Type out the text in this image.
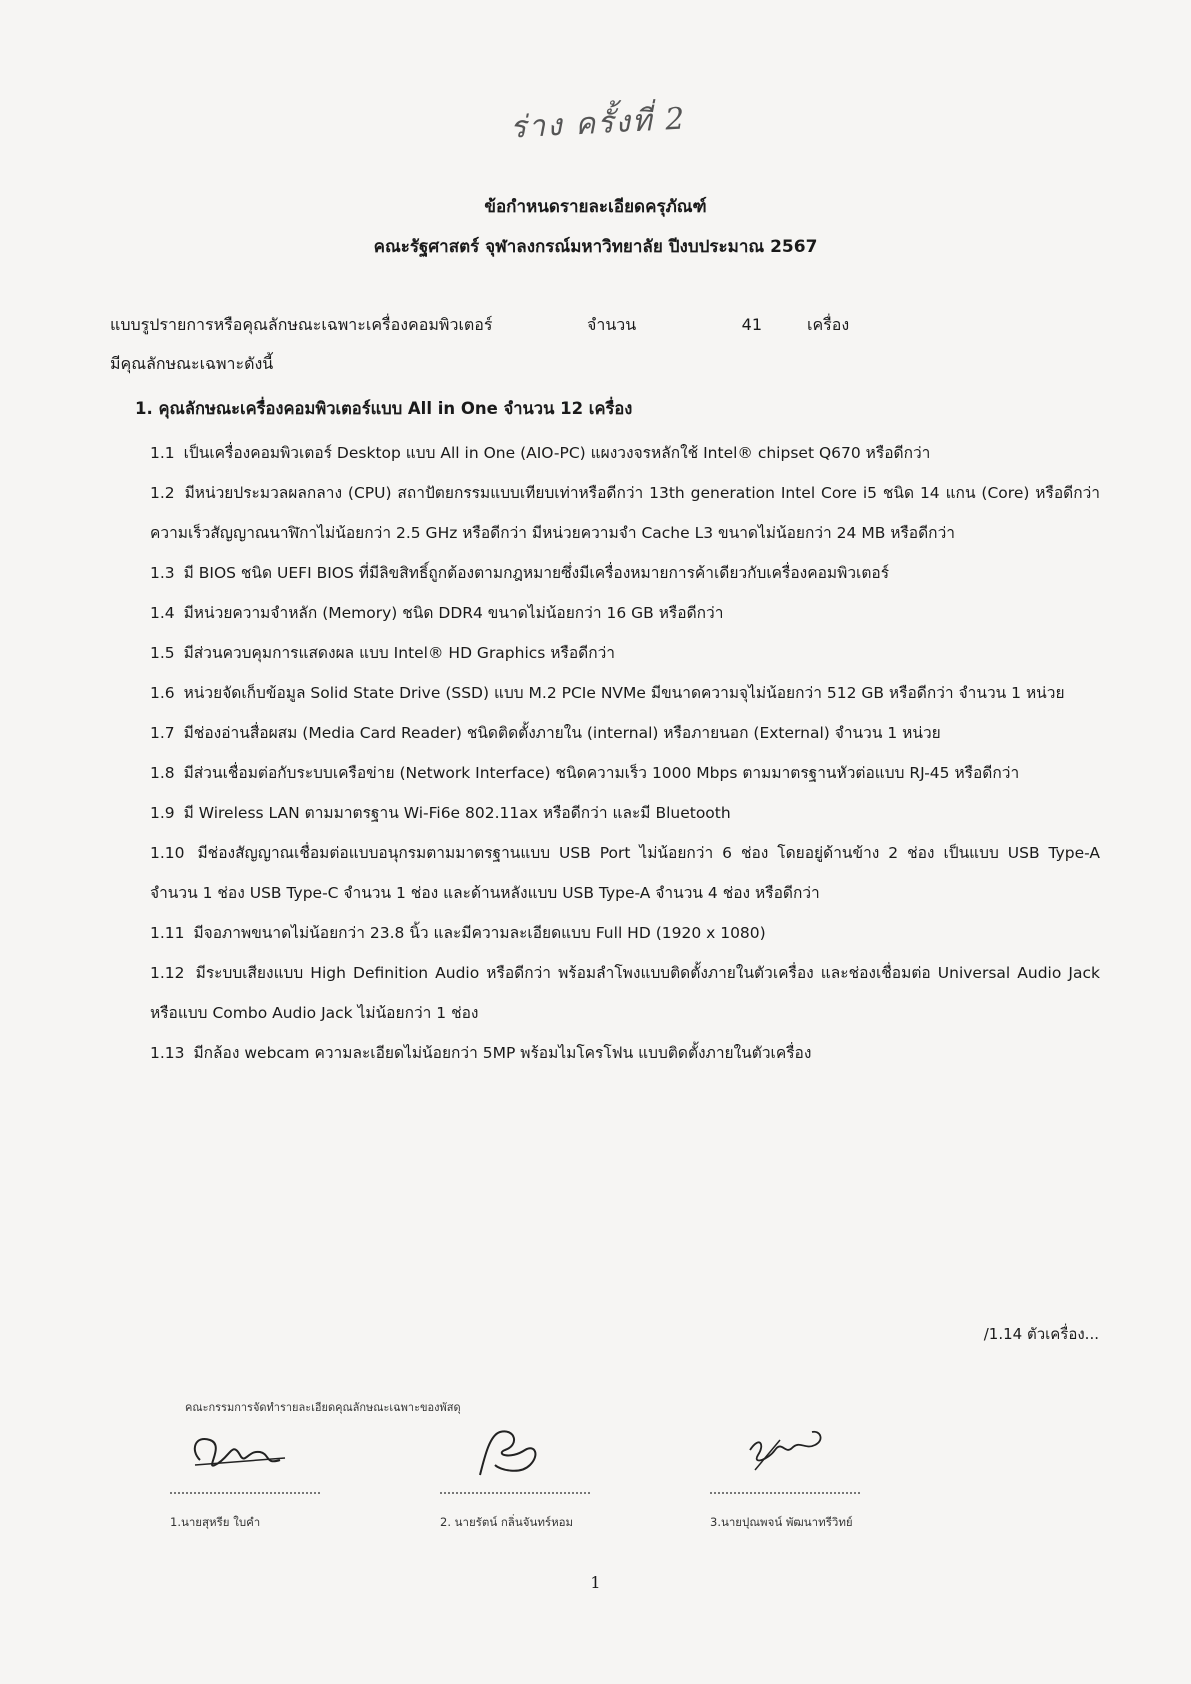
ร่าง ครั้งที่ 2
ข้อกำหนดรายละเอียดครุภัณฑ์
คณะรัฐศาสตร์ จุฬาลงกรณ์มหาวิทยาลัย ปีงบประมาณ 2567
แบบรูปรายการหรือคุณลักษณะเฉพาะเครื่องคอมพิวเตอร์	จำนวน	41	เครื่อง
มีคุณลักษณะเฉพาะดังนี้
1. คุณลักษณะเครื่องคอมพิวเตอร์แบบ All in One จำนวน 12 เครื่อง
1.1 เป็นเครื่องคอมพิวเตอร์ Desktop แบบ All in One (AIO-PC) แผงวงจรหลักใช้ Intel® chipset Q670 หรือดีกว่า
1.2 มีหน่วยประมวลผลกลาง (CPU) สถาปัตยกรรมแบบเทียบเท่าหรือดีกว่า 13th generation Intel Core i5 ชนิด 14 แกน (Core) หรือดีกว่า ความเร็วสัญญาณนาฬิกาไม่น้อยกว่า 2.5 GHz หรือดีกว่า มีหน่วยความจำ Cache L3 ขนาดไม่น้อยกว่า 24 MB หรือดีกว่า
1.3 มี BIOS ชนิด UEFI BIOS ที่มีลิขสิทธิ์ถูกต้องตามกฎหมายซึ่งมีเครื่องหมายการค้าเดียวกับเครื่องคอมพิวเตอร์
1.4 มีหน่วยความจำหลัก (Memory) ชนิด DDR4 ขนาดไม่น้อยกว่า 16 GB หรือดีกว่า
1.5 มีส่วนควบคุมการแสดงผล แบบ Intel® HD Graphics หรือดีกว่า
1.6 หน่วยจัดเก็บข้อมูล Solid State Drive (SSD) แบบ M.2 PCIe NVMe มีขนาดความจุไม่น้อยกว่า 512 GB หรือดีกว่า จำนวน 1 หน่วย
1.7 มีช่องอ่านสื่อผสม (Media Card Reader) ชนิดติดตั้งภายใน (internal) หรือภายนอก (External) จำนวน 1 หน่วย
1.8 มีส่วนเชื่อมต่อกับระบบเครือข่าย (Network Interface) ชนิดความเร็ว 1000 Mbps ตามมาตรฐานหัวต่อแบบ RJ-45 หรือดีกว่า
1.9 มี Wireless LAN ตามมาตรฐาน Wi-Fi6e 802.11ax หรือดีกว่า และมี Bluetooth
1.10 มีช่องสัญญาณเชื่อมต่อแบบอนุกรมตามมาตรฐานแบบ USB Port ไม่น้อยกว่า 6 ช่อง โดยอยู่ด้านข้าง 2 ช่อง เป็นแบบ USB Type-A จำนวน 1 ช่อง USB Type-C จำนวน 1 ช่อง และด้านหลังแบบ USB Type-A จำนวน 4 ช่อง หรือดีกว่า
1.11 มีจอภาพขนาดไม่น้อยกว่า 23.8 นิ้ว และมีความละเอียดแบบ Full HD (1920 x 1080)
1.12 มีระบบเสียงแบบ High Definition Audio หรือดีกว่า พร้อมลำโพงแบบติดตั้งภายในตัวเครื่อง และช่องเชื่อมต่อ Universal Audio Jack หรือแบบ Combo Audio Jack ไม่น้อยกว่า 1 ช่อง
1.13 มีกล้อง webcam ความละเอียดไม่น้อยกว่า 5MP พร้อมไมโครโฟน แบบติดตั้งภายในตัวเครื่อง
/1.14 ตัวเครื่อง...
คณะกรรมการจัดทำรายละเอียดคุณลักษณะเฉพาะของพัสดุ
1.นายสุหรีย ใบคำ	2. นายรัตน์ กลิ่นจันทร์หอม	3.นายปุณพจน์ พัฒนาทรีวิทย์
1
